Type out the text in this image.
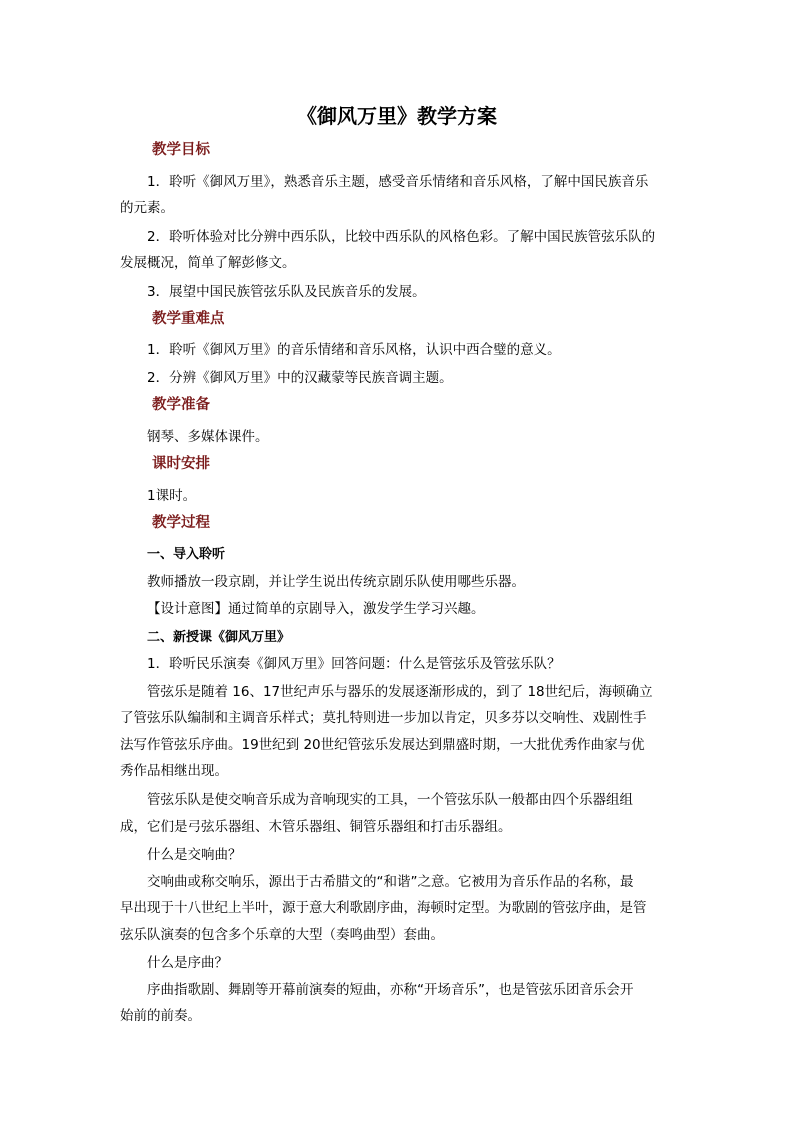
《御风万里》教学方案
教学目标
1．聆听《御风万里》，熟悉音乐主题，感受音乐情绪和音乐风格，了解中国民族音乐
的元素。
2．聆听体验对比分辨中西乐队，比较中西乐队的风格色彩。了解中国民族管弦乐队的
发展概况，简单了解彭修文。
3．展望中国民族管弦乐队及民族音乐的发展。
教学重难点
1．聆听《御风万里》的音乐情绪和音乐风格，认识中西合璧的意义。
2．分辨《御风万里》中的汉藏蒙等民族音调主题。
教学准备
钢琴、多媒体课件。
课时安排
1课时。
教学过程
一、导入聆听
教师播放一段京剧，并让学生说出传统京剧乐队使用哪些乐器。
【设计意图】通过简单的京剧导入，激发学生学习兴趣。
二、新授课《御风万里》
1．聆听民乐演奏《御风万里》回答问题：什么是管弦乐及管弦乐队？
管弦乐是随着 16、17世纪声乐与器乐的发展逐渐形成的，到了 18世纪后，海顿确立
了管弦乐队编制和主调音乐样式；莫扎特则进一步加以肯定，贝多芬以交响性、戏剧性手
法写作管弦乐序曲。19世纪到 20世纪管弦乐发展达到鼎盛时期，一大批优秀作曲家与优
秀作品相继出现。
管弦乐队是使交响音乐成为音响现实的工具，一个管弦乐队一般都由四个乐器组组
成，它们是弓弦乐器组、木管乐器组、铜管乐器组和打击乐器组。
什么是交响曲？
交响曲或称交响乐，源出于古希腊文的“和谐”之意。它被用为音乐作品的名称，最
早出现于十八世纪上半叶，源于意大利歌剧序曲，海顿时定型。为歌剧的管弦序曲，是管
弦乐队演奏的包含多个乐章的大型（奏鸣曲型）套曲。
什么是序曲？
序曲指歌剧、舞剧等开幕前演奏的短曲，亦称“开场音乐”，也是管弦乐团音乐会开
始前的前奏。
